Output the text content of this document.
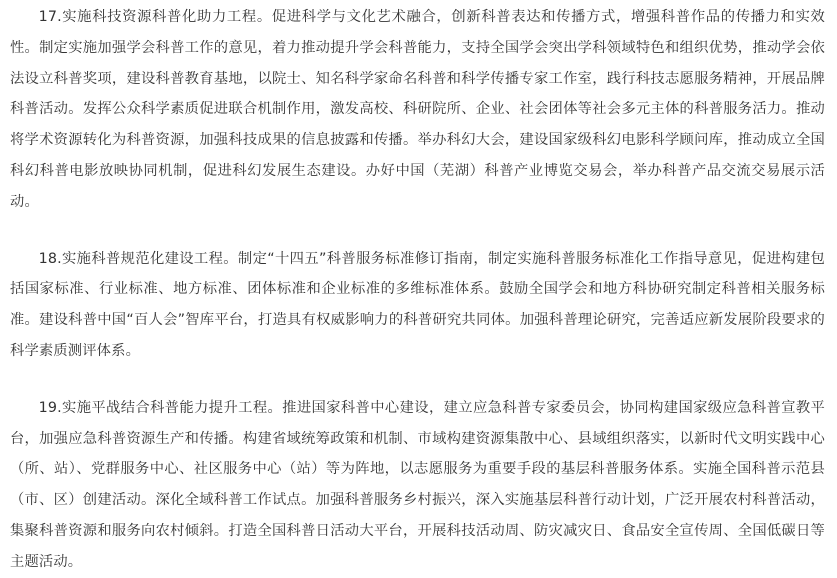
17.实施科技资源科普化助力工程。促进科学与文化艺术融合，创新科普表达和传播方式，增强科普作品的传播力和实效性。制定实施加强学会科普工作的意见，着力推动提升学会科普能力，支持全国学会突出学科领域特色和组织优势，推动学会依法设立科普奖项，建设科普教育基地，以院士、知名科学家命名科普和科学传播专家工作室，践行科技志愿服务精神，开展品牌科普活动。发挥公众科学素质促进联合机制作用，激发高校、科研院所、企业、社会团体等社会多元主体的科普服务活力。推动将学术资源转化为科普资源，加强科技成果的信息披露和传播。举办科幻大会，建设国家级科幻电影科学顾问库，推动成立全国科幻科普电影放映协同机制，促进科幻发展生态建设。办好中国（芜湖）科普产业博览交易会，举办科普产品交流交易展示活动。

18.实施科普规范化建设工程。制定“十四五”科普服务标准修订指南，制定实施科普服务标准化工作指导意见，促进构建包括国家标准、行业标准、地方标准、团体标准和企业标准的多维标准体系。鼓励全国学会和地方科协研究制定科普相关服务标准。建设科普中国“百人会”智库平台，打造具有权威影响力的科普研究共同体。加强科普理论研究，完善适应新发展阶段要求的科学素质测评体系。

19.实施平战结合科普能力提升工程。推进国家科普中心建设，建立应急科普专家委员会，协同构建国家级应急科普宣教平台，加强应急科普资源生产和传播。构建省域统筹政策和机制、市域构建资源集散中心、县域组织落实，以新时代文明实践中心（所、站）、党群服务中心、社区服务中心（站）等为阵地，以志愿服务为重要手段的基层科普服务体系。实施全国科普示范县（市、区）创建活动。深化全域科普工作试点。加强科普服务乡村振兴，深入实施基层科普行动计划，广泛开展农村科普活动，集聚科普资源和服务向农村倾斜。打造全国科普日活动大平台，开展科技活动周、防灾减灾日、食品安全宣传周、全国低碳日等主题活动。
